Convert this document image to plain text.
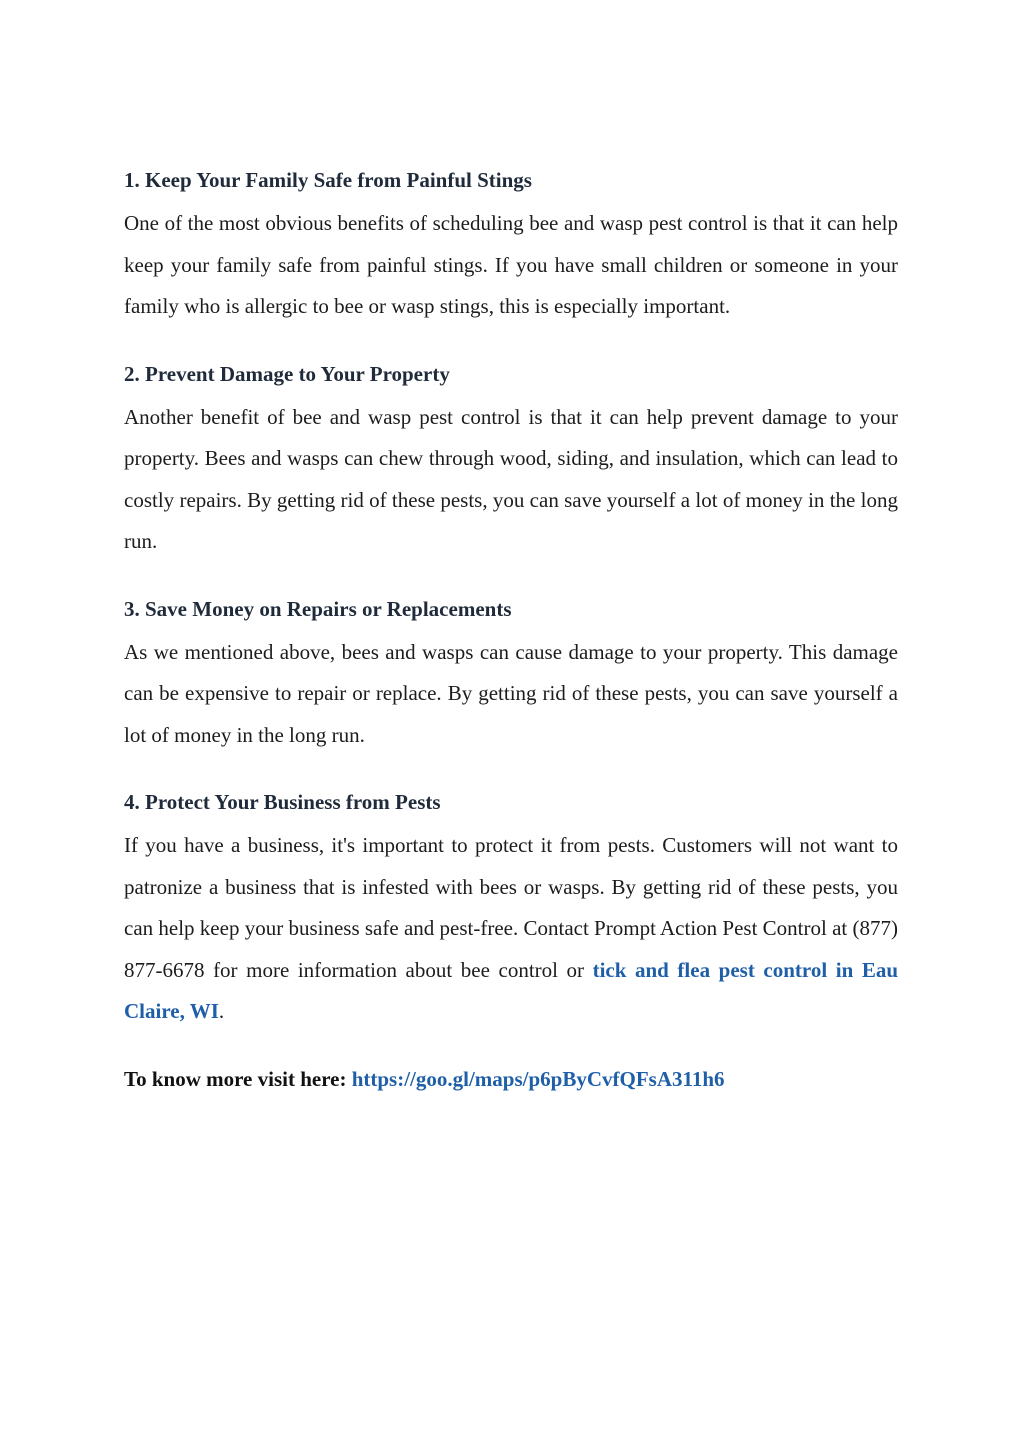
1. Keep Your Family Safe from Painful Stings

One of the most obvious benefits of scheduling bee and wasp pest control is that it can help keep your family safe from painful stings. If you have small children or someone in your family who is allergic to bee or wasp stings, this is especially important.

2. Prevent Damage to Your Property

Another benefit of bee and wasp pest control is that it can help prevent damage to your property. Bees and wasps can chew through wood, siding, and insulation, which can lead to costly repairs. By getting rid of these pests, you can save yourself a lot of money in the long run.

3. Save Money on Repairs or Replacements

As we mentioned above, bees and wasps can cause damage to your property. This damage can be expensive to repair or replace. By getting rid of these pests, you can save yourself a lot of money in the long run.

4. Protect Your Business from Pests

If you have a business, it's important to protect it from pests. Customers will not want to patronize a business that is infested with bees or wasps. By getting rid of these pests, you can help keep your business safe and pest-free. Contact Prompt Action Pest Control at (877) 877-6678 for more information about bee control or tick and flea pest control in Eau Claire, WI.

To know more visit here: https://goo.gl/maps/p6pByCvfQFsA311h6
